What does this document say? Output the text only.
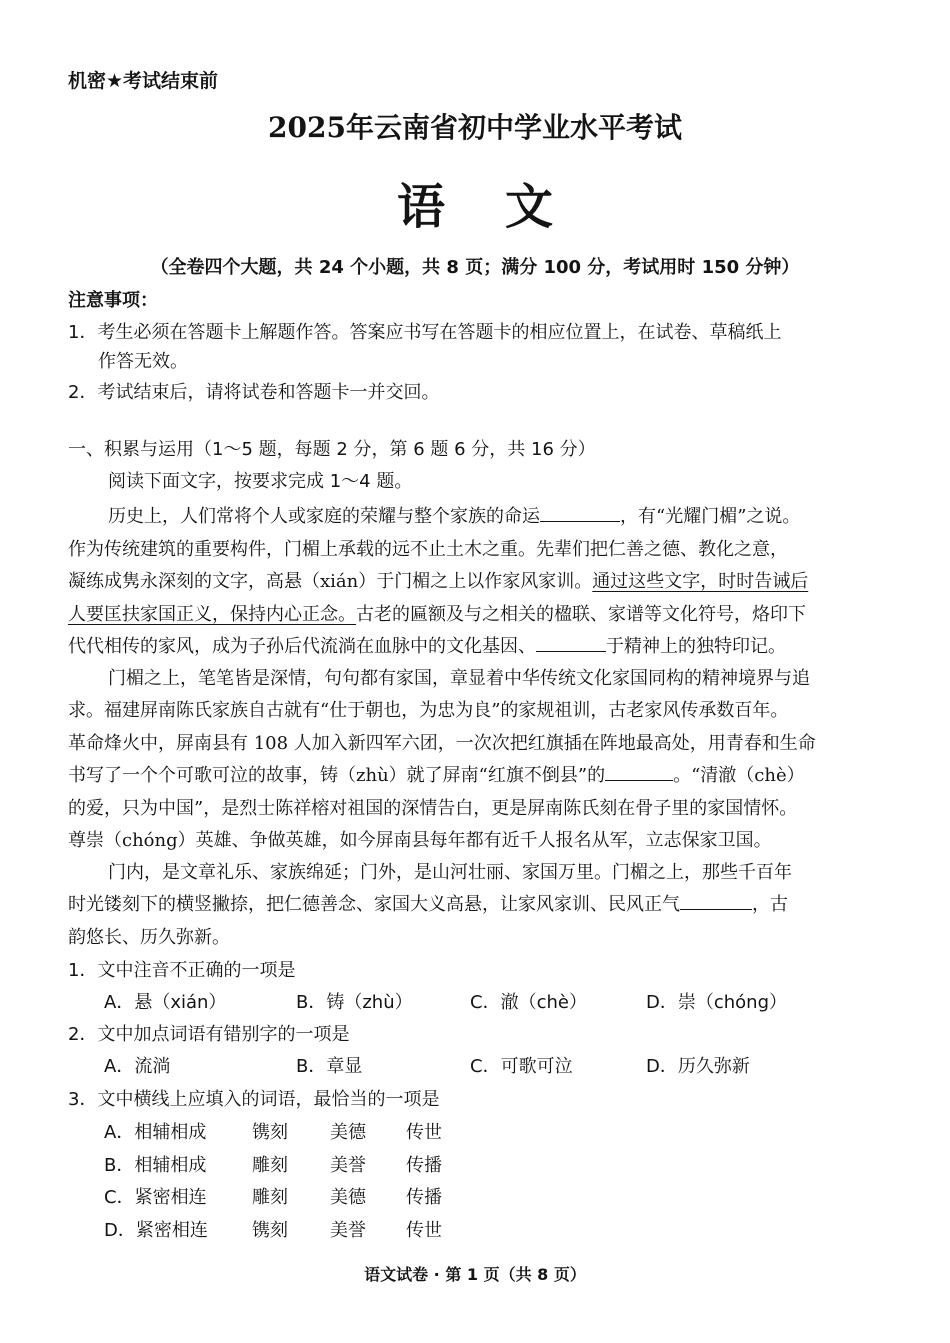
机密★考试结束前
2025年云南省初中学业水平考试
语文
（全卷四个大题，共 24 个小题，共 8 页；满分 100 分，考试用时 150 分钟）
注意事项：
1．考生必须在答题卡上解题作答。答案应书写在答题卡的相应位置上，在试卷、草稿纸上
作答无效。
2．考试结束后，请将试卷和答题卡一并交回。
一、积累与运用（1～5 题，每题 2 分，第 6 题 6 分，共 16 分）
阅读下面文字，按要求完成 1～4 题。
历史上，人们常将个人或家庭的荣耀与整个家族的命运	，有“光耀门楣”之说。
作为传统建筑的重要构件，门楣上承载的远不止土木之重。先辈们把仁善之德、教化之意，
凝练成隽永深刻的文字，高悬（xián）于门楣之上以作家风家训。通过这些文字，时时告诫后
人要匡扶家国正义，保持内心正念。古老的匾额及与之相关的楹联、家谱等文化符号，烙印下
代代相传的家风，成为子孙后代流淌在血脉中的文化基因、	于精神上的独特印记。
门楣之上，笔笔皆是深情，句句都有家国，章显着中华传统文化家国同构的精神境界与追
求。福建屏南陈氏家族自古就有“仕于朝也，为忠为良”的家规祖训，古老家风传承数百年。
革命烽火中，屏南县有 108 人加入新四军六团，一次次把红旗插在阵地最高处，用青春和生命
书写了一个个可歌可泣的故事，铸（zhù）就了屏南“红旗不倒县”的	。“清澈（chè）
的爱，只为中国”，是烈士陈祥榕对祖国的深情告白，更是屏南陈氏刻在骨子里的家国情怀。
尊崇（chóng）英雄、争做英雄，如今屏南县每年都有近千人报名从军，立志保家卫国。
门内，是文章礼乐、家族绵延；门外，是山河壮丽、家国万里。门楣之上，那些千百年
时光镂刻下的横竖撇捺，把仁德善念、家国大义高悬，让家风家训、民风正气	，古
韵悠长、历久弥新。
1．文中注音不正确的一项是
A．悬（xián）	B．铸（zhù）	C．澈（chè）	D．崇（chóng）
2．文中加点词语有错别字的一项是
A．流淌	B．章显	C．可歌可泣	D．历久弥新
3．文中横线上应填入的词语，最恰当的一项是
A．相辅相成	镌刻 美德 传世
B．相辅相成	雕刻 美誉 传播
C．紧密相连	雕刻 美德 传播
D．紧密相连 镌刻 美誉 传世
语文试卷 · 第 1 页（共 8 页）
